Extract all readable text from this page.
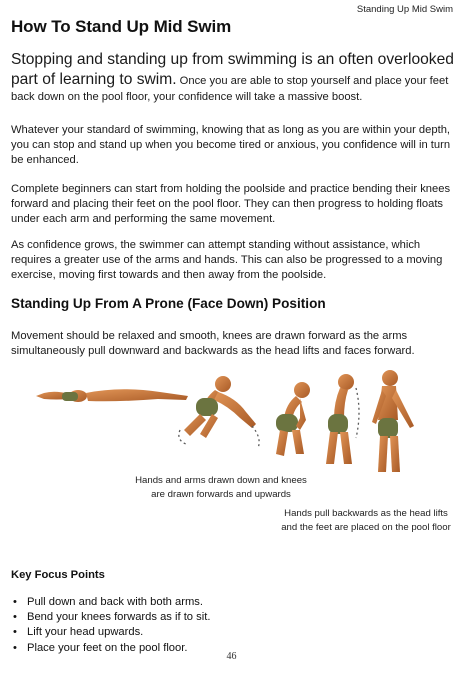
Standing Up Mid Swim
How To Stand Up Mid Swim
Stopping and standing up from swimming is an often overlooked part of learning to swim. Once you are able to stop yourself and place your feet back down on the pool floor, your confidence will take a massive boost.
Whatever your standard of swimming, knowing that as long as you are within your depth, you can stop and stand up when you become tired or anxious, you confidence will in turn be enhanced.
Complete beginners can start from holding the poolside and practice bending their knees forward and placing their feet on the pool floor. They can then progress to holding floats under each arm and performing the same movement.
As confidence grows, the swimmer can attempt standing without assistance, which requires a greater use of the arms and hands. This can also be progressed to a moving exercise, moving first towards and then away from the poolside.
Standing Up From A Prone (Face Down) Position
Movement should be relaxed and smooth, knees are drawn forward as the arms simultaneously pull downward and backwards as the head lifts and faces forward.
Hands and arms drawn down and knees are drawn forwards and upwards
Hands pull backwards as the head lifts and the feet are placed on the pool floor
Key Focus Points
• Pull down and back with both arms.
• Bend your knees forwards as if to sit.
• Lift your head upwards.
• Place your feet on the pool floor.
46
